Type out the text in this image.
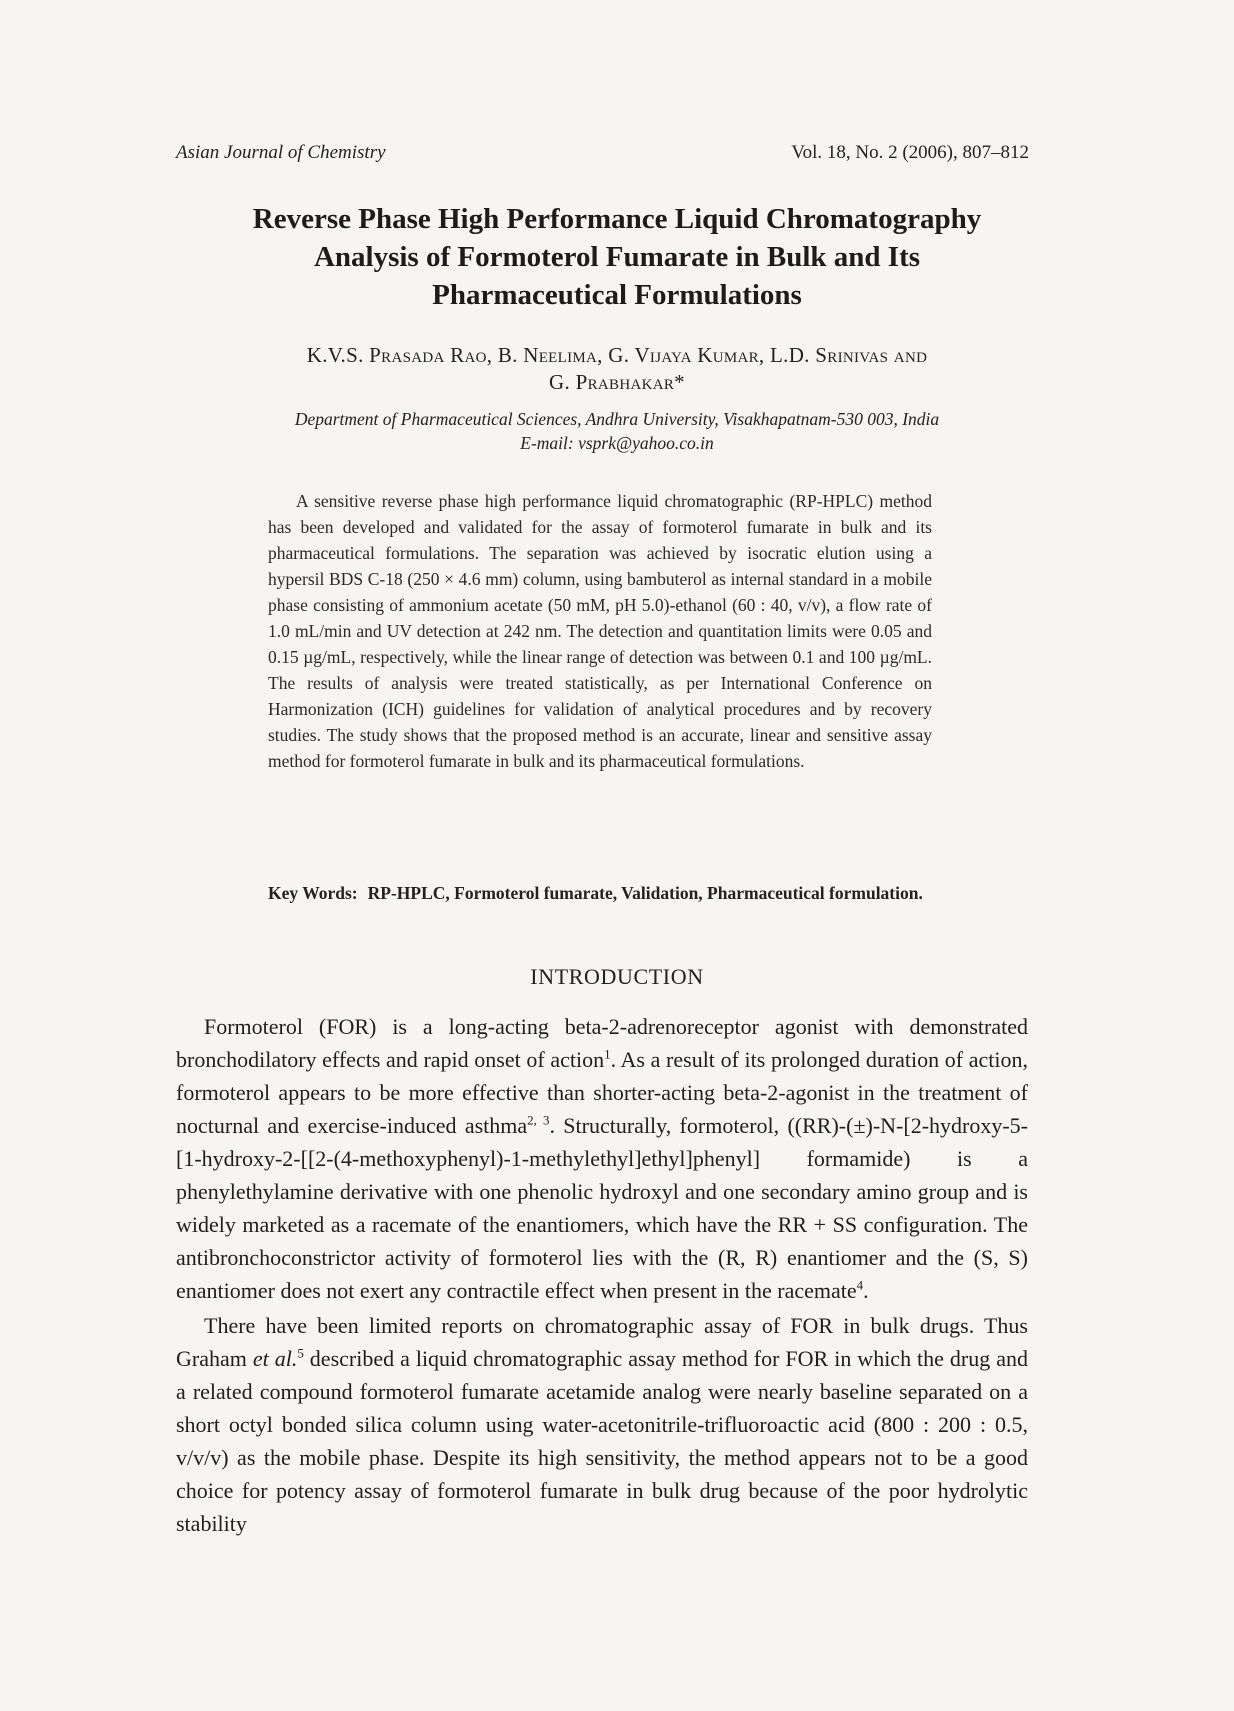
Asian Journal of Chemistry	Vol. 18, No. 2 (2006), 807–812
Reverse Phase High Performance Liquid Chromatography
Analysis of Formoterol Fumarate in Bulk and Its
Pharmaceutical Formulations
K.V.S. Prasada Rao, B. Neelima, G. Vijaya Kumar, L.D. Srinivas and
G. Prabhakar*
Department of Pharmaceutical Sciences, Andhra University, Visakhapatnam-530 003, India
E-mail: vsprk@yahoo.co.in
A sensitive reverse phase high performance liquid chromatographic (RP-HPLC) method has been developed and validated for the assay of formoterol fumarate in bulk and its pharmaceutical formulations. The separation was achieved by isocratic elution using a hypersil BDS C-18 (250 × 4.6 mm) column, using bambuterol as internal standard in a mobile phase consisting of ammonium acetate (50 mM, pH 5.0)-ethanol (60 : 40, v/v), a flow rate of 1.0 mL/min and UV detection at 242 nm. The detection and quantitation limits were 0.05 and 0.15 µg/mL, respectively, while the linear range of detection was between 0.1 and 100 µg/mL. The results of analysis were treated statistically, as per International Conference on Harmonization (ICH) guidelines for validation of analytical procedures and by recovery studies. The study shows that the proposed method is an accurate, linear and sensitive assay method for formoterol fumarate in bulk and its pharmaceutical formulations.
Key Words: RP-HPLC, Formoterol fumarate, Validation, Pharmaceutical formulation.
INTRODUCTION

Formoterol (FOR) is a long-acting beta-2-adrenoreceptor agonist with demonstrated bronchodilatory effects and rapid onset of action$^1$. As a result of its prolonged duration of action, formoterol appears to be more effective than shorter-acting beta-2-agonist in the treatment of nocturnal and exercise-induced asthma$^{2, 3}$. Structurally, formoterol, ((RR)-(±)-N-[2-hydroxy-5-[1-hydroxy-2-[[2-(4-methoxyphenyl)-1-methylethyl]ethyl]phenyl] formamide) is a phenylethylamine derivative with one phenolic hydroxyl and one secondary amino group and is widely marketed as a racemate of the enantiomers, which have the RR + SS configuration. The antibronchoconstrictor activity of formoterol lies with the (R, R) enantiomer and the (S, S) enantiomer does not exert any contractile effect when present in the racemate$^4$.

There have been limited reports on chromatographic assay of FOR in bulk drugs. Thus Graham et al.$^5$ described a liquid chromatographic assay method for FOR in which the drug and a related compound formoterol fumarate acetamide analog were nearly baseline separated on a short octyl bonded silica column using water-acetonitrile-trifluoroactic acid (800 : 200 : 0.5, v/v/v) as the mobile phase. Despite its high sensitivity, the method appears not to be a good choice for potency assay of formoterol fumarate in bulk drug because of the poor hydrolytic stability
